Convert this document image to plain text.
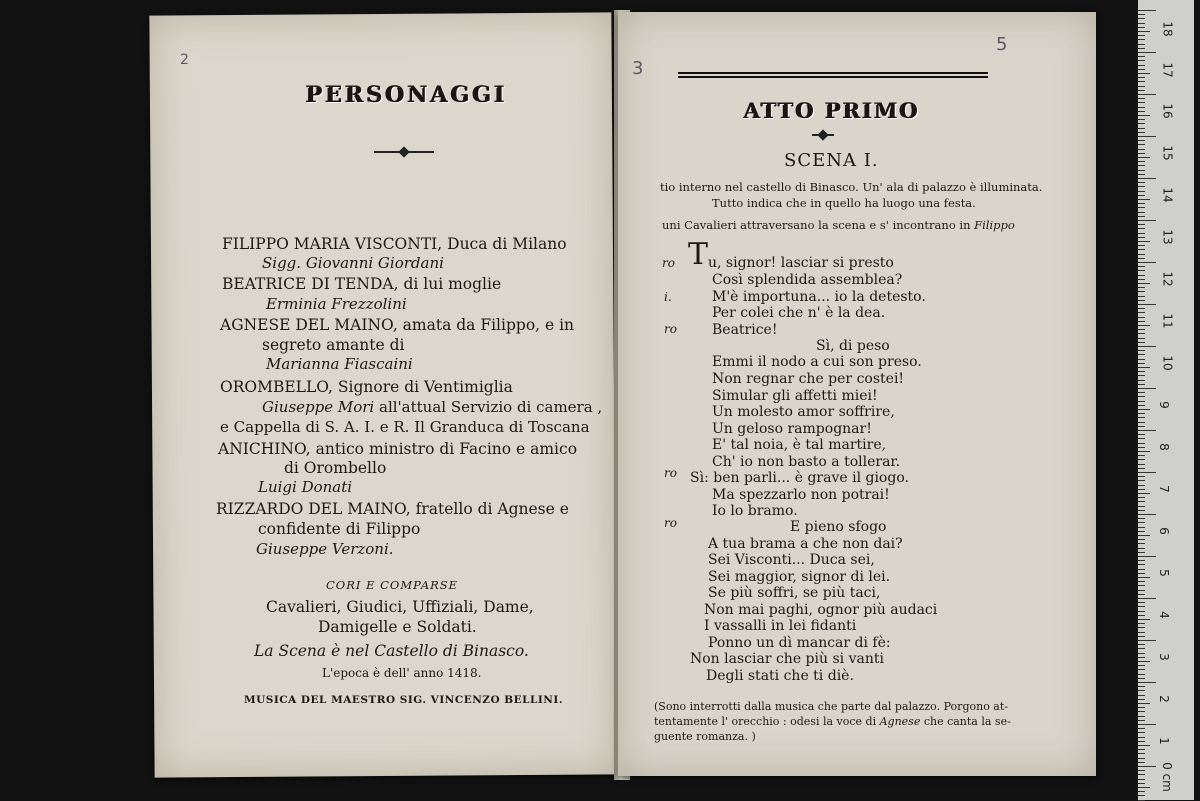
2
PERSONAGGI
FILIPPO MARIA VISCONTI, Duca di Milano
Sigg. Giovanni Giordani
BEATRICE DI TENDA, di lui moglie
Erminia Frezzolini
AGNESE DEL MAINO, amata da Filippo, e in
segreto amante di
Marianna Fiascaini
OROMBELLO, Signore di Ventimiglia
Giuseppe Mori all'attual Servizio di camera ,
e Cappella di S. A. I. e R. Il Granduca di Toscana
ANICHINO, antico ministro di Facino e amico
di Orombello
Luigi Donati
RIZZARDO DEL MAINO, fratello di Agnese e
confidente di Filippo
Giuseppe Verzoni.
CORI E COMPARSE
Cavalieri, Giudici, Uffiziali, Dame,
Damigelle e Soldati.
La Scena è nel Castello di Binasco.
L'epoca è dell' anno 1418.
MUSICA DEL MAESTRO SIG. VINCENZO BELLINI.
3
5
ATTO PRIMO
SCENA I.
tio interno nel castello di Binasco. Un' ala di palazzo è illuminata.
Tutto indica che in quello ha luogo una festa.
uni Cavalieri attraversano la scena e s' incontrano in Filippo
ro
i.
ro
ro
ro
T u, signor! lasciar si presto
Così splendida assemblea?
M'è importuna... io la detesto.
Per colei che n' è la dea.
Beatrice!
Sì, di peso
Emmi il nodo a cui son preso.
Non regnar che per costei!
Simular gli affetti miei!
Un molesto amor soffrire,
Un geloso rampognar!
E' tal noia, è tal martire,
Ch' io non basto a tollerar.
Sì: ben parli... è grave il giogo.
Ma spezzarlo non potrai!
Io lo bramo.
E pieno sfogo
A tua brama a che non dai?
Sei Visconti... Duca sei,
Sei maggior, signor di lei.
Se più soffri, se più taci,
Non mai paghi, ognor più audaci
I vassalli in lei fidanti
Ponno un dì mancar di fè:
Non lasciar che più si vanti
Degli stati che ti diè.
(Sono interrotti dalla musica che parte dal palazzo. Porgono at-
tentamente l' orecchio : odesi la voce di Agnese che canta la se-
guente romanza. )
18
17
16
15
14
13
12
11
10
9
8
7
6
5
4
3
2
1
0 cm
